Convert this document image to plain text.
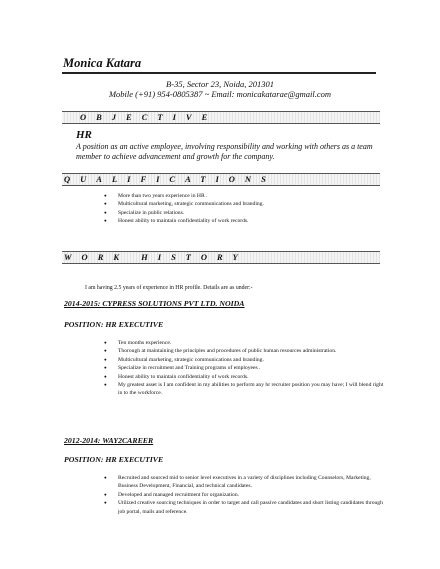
Monica Katara
B-35, Sector 23, Noida, 201301
Mobile (+91) 954-0805387 ~ Email: monicakatarae@gmail.com
OBJECTIVE
HR
A position as an active employee, involving responsibility and working with others as a team member to achieve advancement and growth for the company.
QUALIFICATIONS
● More than two years experience in HR .
● Multicultural marketing, strategic communications and branding.
● Specialize in public relations.
● Honest ability to maintain confidentiality of work records.
WORK HISTORY
I am having 2.5 years of experience in HR profile. Details are as under:-
2014-2015: CYPRESS SOLUTIONS PVT LTD. NOIDA
POSITION: HR EXECUTIVE
● Ten months experience.
● Thorough at maintaining the principles and procedures of public human resources administration.
● Multicultural marketing, strategic communications and branding.
● Specialize in recruitment and Training programs of employees .
● Honest ability to maintain confidentiality of work records.
● My greatest asset is I am confident in my abilities to perform any hr recruiter position you may have; I will blend right in to the workforce.
2012-2014: WAY2CAREER
POSITION: HR EXECUTIVE
● Recruited and sourced mid to senior level executives in a variety of disciplines including Counselors, Marketing, Business Development, Financial, and technical candidates.
● Developed and managed recruitment for organization.
● Utilized creative sourcing techniques in order to target and call passive candidates and short listing candidates through job portal, mails and reference.
